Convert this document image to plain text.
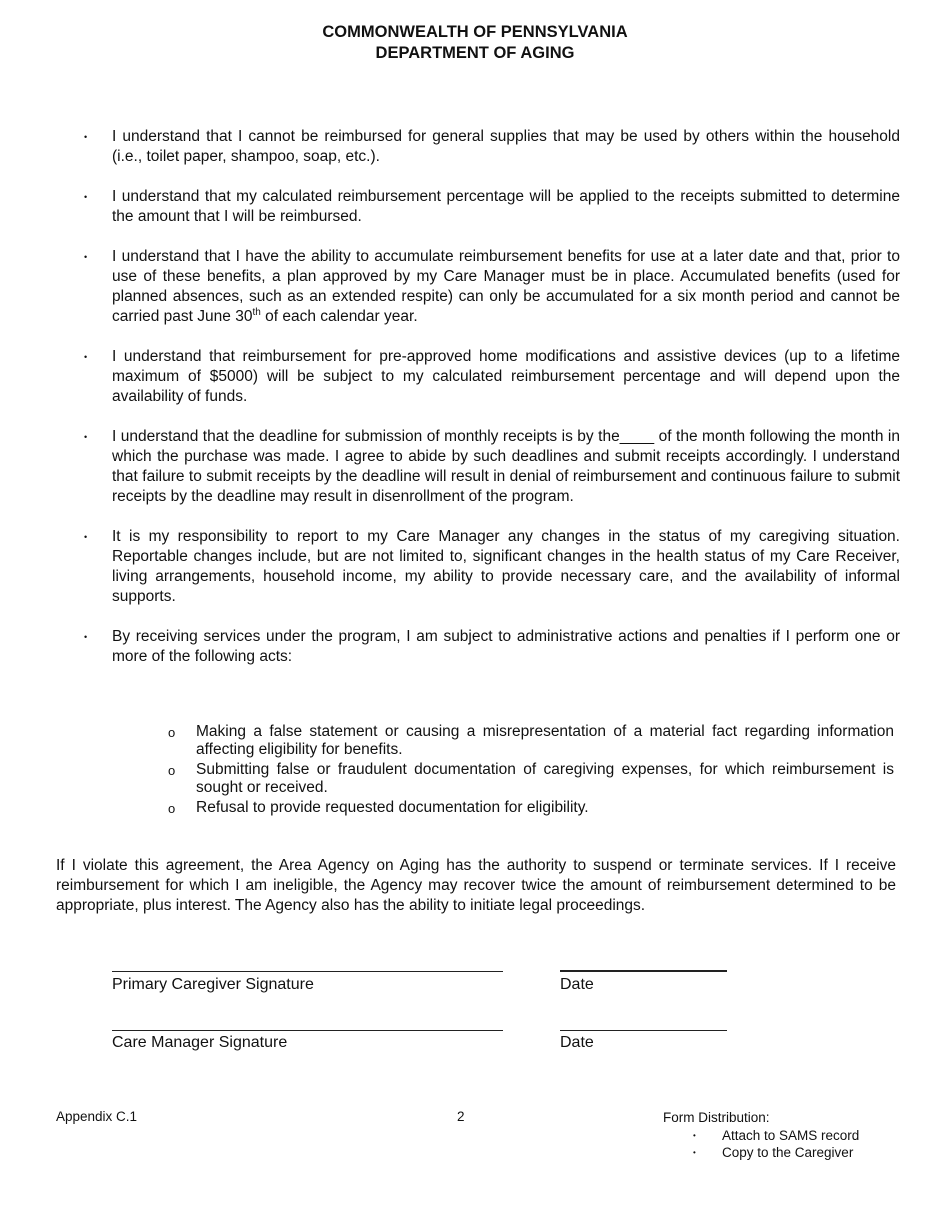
COMMONWEALTH OF PENNSYLVANIA
DEPARTMENT OF AGING
• I understand that I cannot be reimbursed for general supplies that may be used by others within the household (i.e., toilet paper, shampoo, soap, etc.).
• I understand that my calculated reimbursement percentage will be applied to the receipts submitted to determine the amount that I will be reimbursed.
• I understand that I have the ability to accumulate reimbursement benefits for use at a later date and that, prior to use of these benefits, a plan approved by my Care Manager must be in place. Accumulated benefits (used for planned absences, such as an extended respite) can only be accumulated for a six month period and cannot be carried past June 30th of each calendar year.
• I understand that reimbursement for pre-approved home modifications and assistive devices (up to a lifetime maximum of $5000) will be subject to my calculated reimbursement percentage and will depend upon the availability of funds.
• I understand that the deadline for submission of monthly receipts is by the____ of the month following the month in which the purchase was made. I agree to abide by such deadlines and submit receipts accordingly. I understand that failure to submit receipts by the deadline will result in denial of reimbursement and continuous failure to submit receipts by the deadline may result in disenrollment of the program.
• It is my responsibility to report to my Care Manager any changes in the status of my caregiving situation. Reportable changes include, but are not limited to, significant changes in the health status of my Care Receiver, living arrangements, household income, my ability to provide necessary care, and the availability of informal supports.
• By receiving services under the program, I am subject to administrative actions and penalties if I perform one or more of the following acts:
o Making a false statement or causing a misrepresentation of a material fact regarding information affecting eligibility for benefits.
o Submitting false or fraudulent documentation of caregiving expenses, for which reimbursement is sought or received.
o Refusal to provide requested documentation for eligibility.

If I violate this agreement, the Area Agency on Aging has the authority to suspend or terminate services. If I receive reimbursement for which I am ineligible, the Agency may recover twice the amount of reimbursement determined to be appropriate, plus interest. The Agency also has the ability to initiate legal proceedings.

Primary Caregiver Signature	Date
Care Manager Signature	Date
Appendix C.1	2	Form Distribution:
• Attach to SAMS record
• Copy to the Caregiver
